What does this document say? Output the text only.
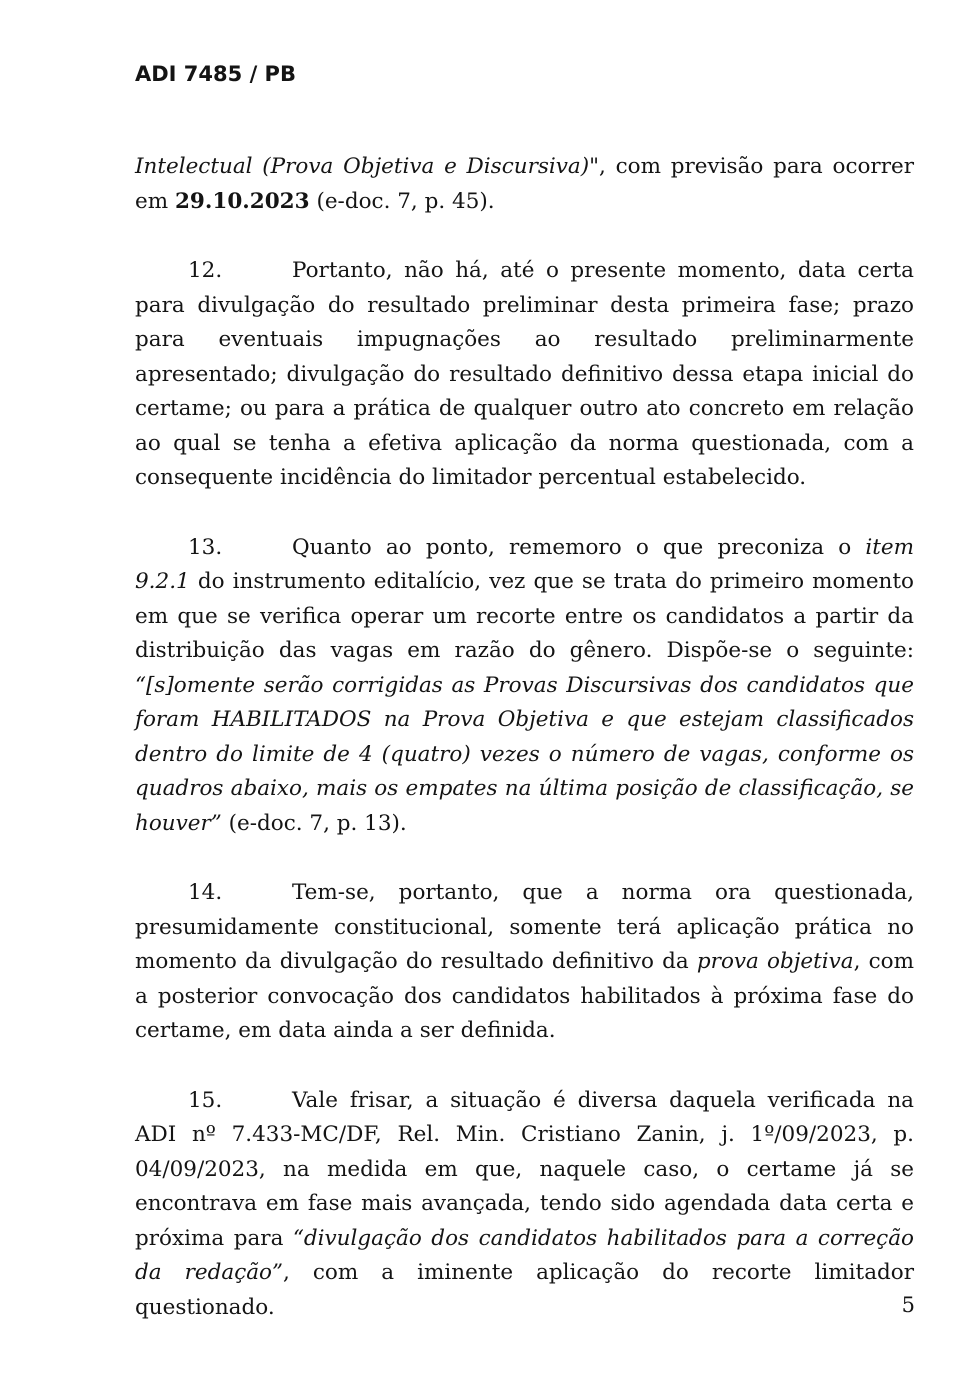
ADI 7485 / PB

Intelectual (Prova Objetiva e Discursiva)", com previsão para ocorrer em 29.10.2023 (e-doc. 7, p. 45).

12.	Portanto, não há, até o presente momento, data certa para divulgação do resultado preliminar desta primeira fase; prazo para eventuais impugnações ao resultado preliminarmente apresentado; divulgação do resultado definitivo dessa etapa inicial do certame; ou para a prática de qualquer outro ato concreto em relação ao qual se tenha a efetiva aplicação da norma questionada, com a consequente incidência do limitador percentual estabelecido.

13.	Quanto ao ponto, rememoro o que preconiza o item 9.2.1 do instrumento editalício, vez que se trata do primeiro momento em que se verifica operar um recorte entre os candidatos a partir da distribuição das vagas em razão do gênero. Dispõe-se o seguinte: “[s]omente serão corrigidas as Provas Discursivas dos candidatos que foram HABILITADOS na Prova Objetiva e que estejam classificados dentro do limite de 4 (quatro) vezes o número de vagas, conforme os quadros abaixo, mais os empates na última posição de classificação, se houver” (e-doc. 7, p. 13).

14.	Tem-se, portanto, que a norma ora questionada, presumidamente constitucional, somente terá aplicação prática no momento da divulgação do resultado definitivo da prova objetiva, com a posterior convocação dos candidatos habilitados à próxima fase do certame, em data ainda a ser definida.

15.	Vale frisar, a situação é diversa daquela verificada na ADI nº 7.433-MC/DF, Rel. Min. Cristiano Zanin, j. 1º/09/2023, p. 04/09/2023, na medida em que, naquele caso, o certame já se encontrava em fase mais avançada, tendo sido agendada data certa e próxima para “divulgação dos candidatos habilitados para a correção da redação”, com a iminente aplicação do recorte limitador questionado.	5
